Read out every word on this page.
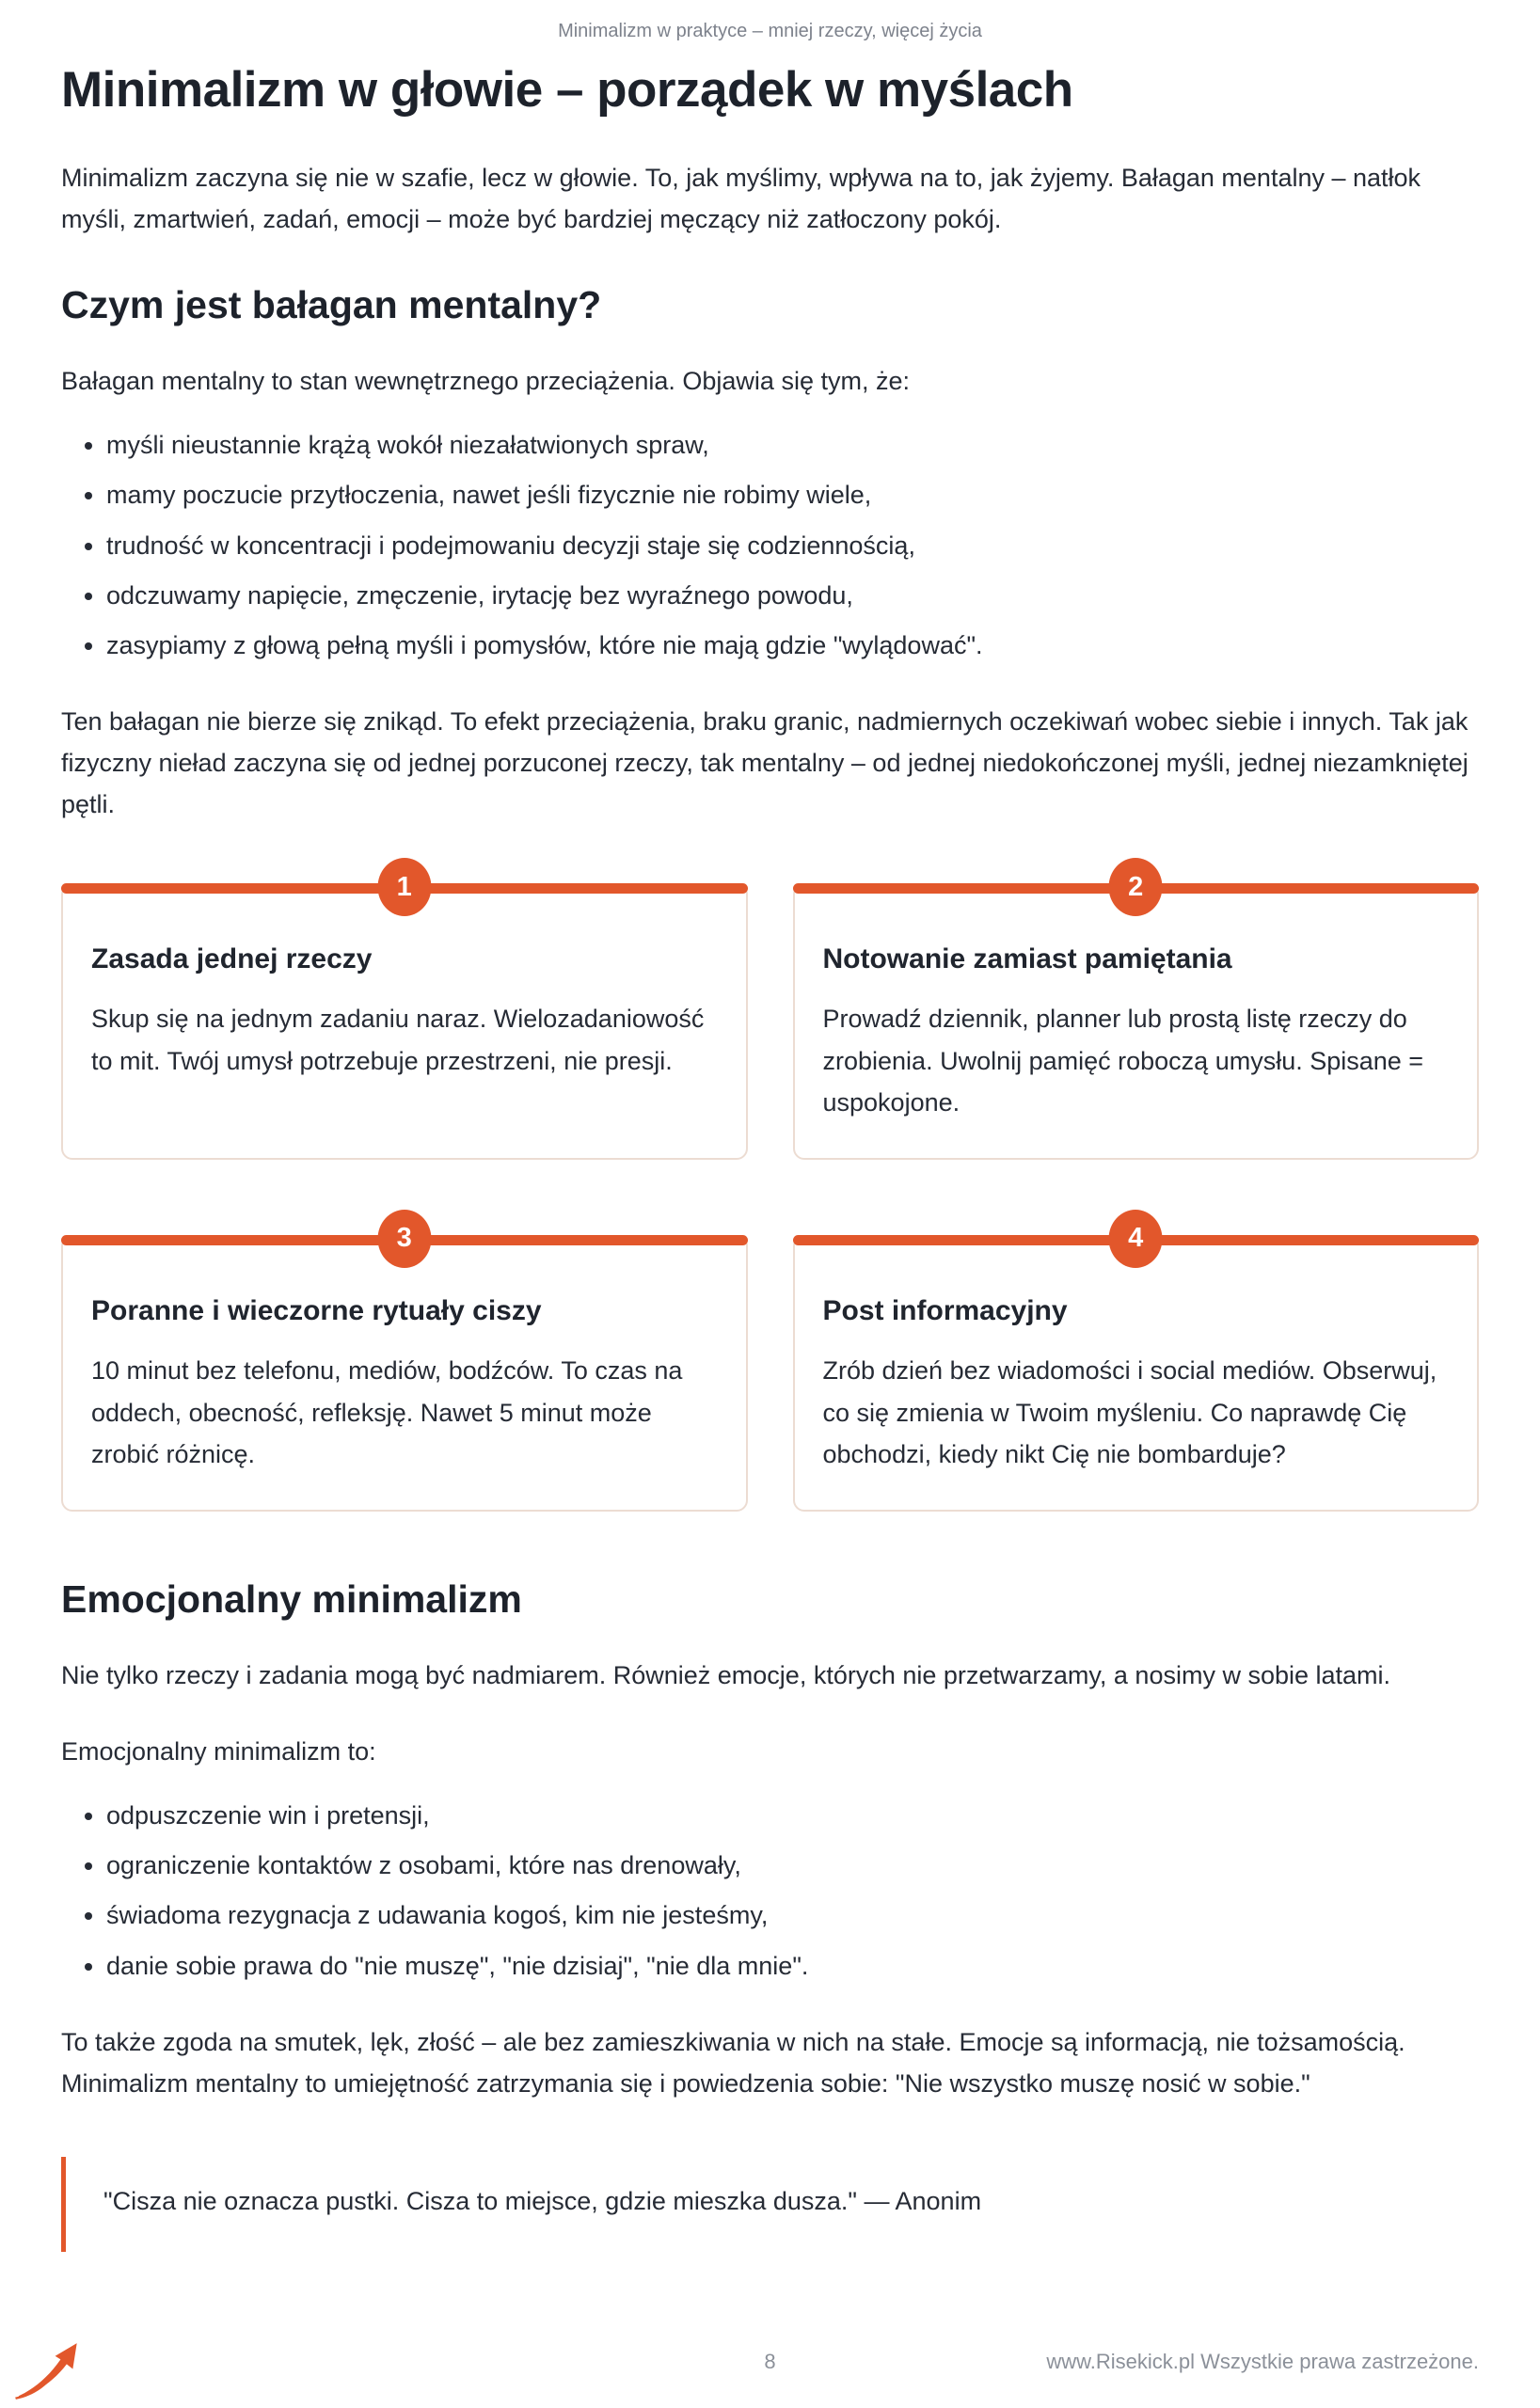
Minimalizm w praktyce – mniej rzeczy, więcej życia
Minimalizm w głowie – porządek w myślach

Minimalizm zaczyna się nie w szafie, lecz w głowie. To, jak myślimy, wpływa na to, jak żyjemy. Bałagan mentalny – natłok myśli, zmartwień, zadań, emocji – może być bardziej męczący niż zatłoczony pokój.

Czym jest bałagan mentalny?

Bałagan mentalny to stan wewnętrznego przeciążenia. Objawia się tym, że:

• myśli nieustannie krążą wokół niezałatwionych spraw,
• mamy poczucie przytłoczenia, nawet jeśli fizycznie nie robimy wiele,
• trudność w koncentracji i podejmowaniu decyzji staje się codziennością,
• odczuwamy napięcie, zmęczenie, irytację bez wyraźnego powodu,
• zasypiamy z głową pełną myśli i pomysłów, które nie mają gdzie "wylądować".

Ten bałagan nie bierze się znikąd. To efekt przeciążenia, braku granic, nadmiernych oczekiwań wobec siebie i innych. Tak jak fizyczny nieład zaczyna się od jednej porzuconej rzeczy, tak mentalny – od jednej niedokończonej myśli, jednej niezamkniętej pętli.

1
Zasada jednej rzeczy

Skup się na jednym zadaniu naraz. Wielozadaniowość to mit. Twój umysł potrzebuje przestrzeni, nie presji.

2
Notowanie zamiast pamiętania

Prowadź dziennik, planner lub prostą listę rzeczy do zrobienia. Uwolnij pamięć roboczą umysłu. Spisane = uspokojone.

3
Poranne i wieczorne rytuały ciszy

10 minut bez telefonu, mediów, bodźców. To czas na oddech, obecność, refleksję. Nawet 5 minut może zrobić różnicę.

4
Post informacyjny

Zrób dzień bez wiadomości i social mediów. Obserwuj, co się zmienia w Twoim myśleniu. Co naprawdę Cię obchodzi, kiedy nikt Cię nie bombarduje?

Emocjonalny minimalizm

Nie tylko rzeczy i zadania mogą być nadmiarem. Również emocje, których nie przetwarzamy, a nosimy w sobie latami.

Emocjonalny minimalizm to:

• odpuszczenie win i pretensji,
• ograniczenie kontaktów z osobami, które nas drenowały,
• świadoma rezygnacja z udawania kogoś, kim nie jesteśmy,
• danie sobie prawa do "nie muszę", "nie dzisiaj", "nie dla mnie".

To także zgoda na smutek, lęk, złość – ale bez zamieszkiwania w nich na stałe. Emocje są informacją, nie tożsamością. Minimalizm mentalny to umiejętność zatrzymania się i powiedzenia sobie: "Nie wszystko muszę nosić w sobie."

"Cisza nie oznacza pustki. Cisza to miejsce, gdzie mieszka dusza." — Anonim
8	www.Risekick.pl Wszystkie prawa zastrzeżone.
